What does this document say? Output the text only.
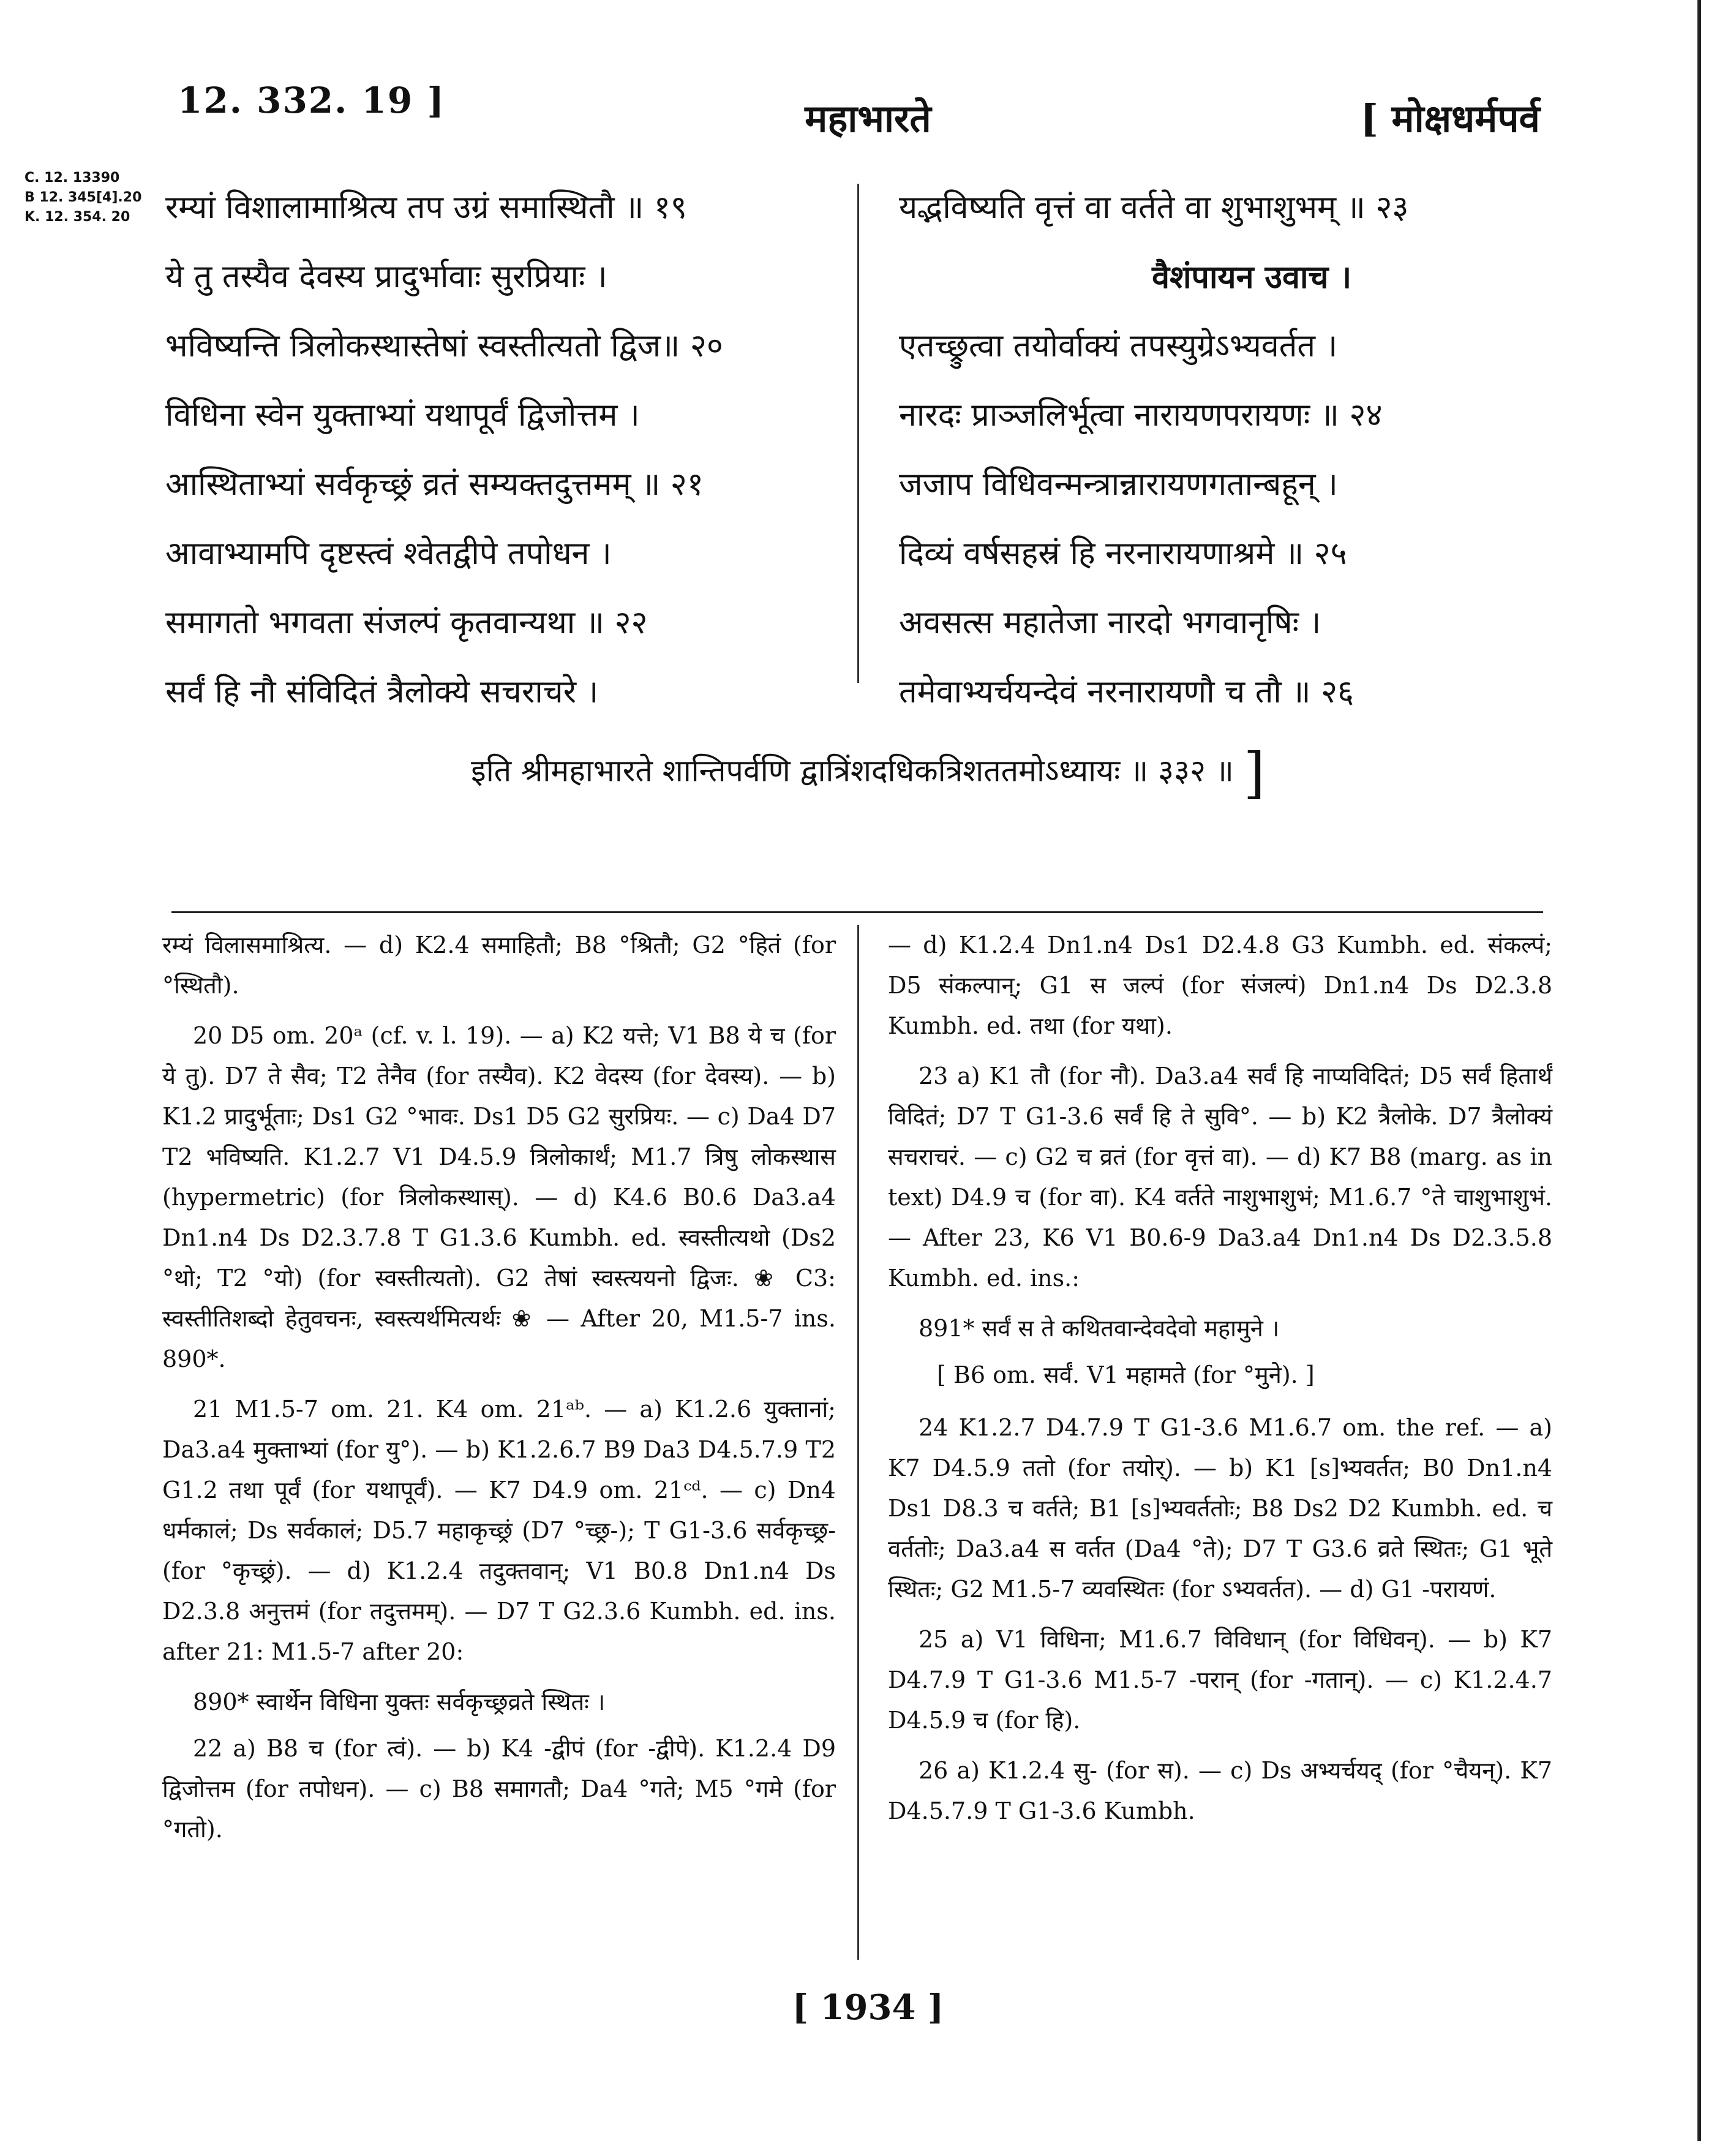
12. 332. 19 ]	महाभारते	[ मोक्षधर्मपर्व
C. 12. 13390
B 12. 345[4].20
K. 12. 354. 20	रम्यां विशालामाश्रित्य तप उग्रं समास्थितौ ॥ १९
ये तु तस्यैव देवस्य प्रादुर्भावाः सुरप्रियाः ।
भविष्यन्ति त्रिलोकस्थास्तेषां स्वस्तीत्यतो द्विज॥ २०
विधिना स्वेन युक्ताभ्यां यथापूर्वं द्विजोत्तम ।
आस्थिताभ्यां सर्वकृच्छ्रं व्रतं सम्यक्तदुत्तमम् ॥ २१
आवाभ्यामपि दृष्टस्त्वं श्वेतद्वीपे तपोधन ।
समागतो भगवता संजल्पं कृतवान्यथा ॥ २२
सर्वं हि नौ संविदितं त्रैलोक्ये सचराचरे ।
यद्भविष्यति वृत्तं वा वर्तते वा शुभाशुभम् ॥ २३
वैशंपायन उवाच ।
एतच्छ्रुत्वा तयोर्वाक्यं तपस्युग्रेऽभ्यवर्तत ।
नारदः प्राञ्जलिर्भूत्वा नारायणपरायणः ॥ २४
जजाप विधिवन्मन्त्रान्नारायणगतान्बहून् ।
दिव्यं वर्षसहस्रं हि नरनारायणाश्रमे ॥ २५
अवसत्स महातेजा नारदो भगवानृषिः ।
तमेवाभ्यर्चयन्देवं नरनारायणौ च तौ ॥ २६
इति श्रीमहाभारते शान्तिपर्वणि द्वात्रिंशदधिकत्रिशततमोऽध्यायः ॥ ३३२ ॥ ]

रम्यं विलासमाश्रित्य. — d) K2.4 समाहितौ; B8 °श्रितौ; G2 °हितं (for °स्थितौ).

20 D5 om. 20ᵃ (cf. v. l. 19). — a) K2 यत्ते; V1 B8 ये च (for ये तु). D7 ते सैव; T2 तेनैव (for तस्यैव). K2 वेदस्य (for देवस्य). — b) K1.2 प्रादुर्भूताः; Ds1 G2 °भावः. Ds1 D5 G2 सुरप्रियः. — c) Da4 D7 T2 भविष्यति. K1.2.7 V1 D4.5.9 त्रिलोकार्थं; M1.7 त्रिषु लोकस्थास (hypermetric) (for त्रिलोकस्थास्). — d) K4.6 B0.6 Da3.a4 Dn1.n4 Ds D2.3.7.8 T G1.3.6 Kumbh. ed. स्वस्तीत्यथो (Ds2 °थो; T2 °यो) (for स्वस्तीत्यतो). G2 तेषां स्वस्त्ययनो द्विजः. ❀ C3: स्वस्तीतिशब्दो हेतुवचनः, स्वस्त्यर्थमित्यर्थः ❀ — After 20, M1.5-7 ins. 890*.

21 M1.5-7 om. 21. K4 om. 21ᵃᵇ. — a) K1.2.6 युक्तानां; Da3.a4 मुक्ताभ्यां (for यु°). — b) K1.2.6.7 B9 Da3 D4.5.7.9 T2 G1.2 तथा पूर्वं (for यथापूर्वं). — K7 D4.9 om. 21ᶜᵈ. — c) Dn4 धर्मकालं; Ds सर्वकालं; D5.7 महाकृच्छ्रं (D7 °च्छ्र-); T G1-3.6 सर्वकृच्छ्र- (for °कृच्छ्रं). — d) K1.2.4 तदुक्तवान्; V1 B0.8 Dn1.n4 Ds D2.3.8 अनुत्तमं (for तदुत्तमम्). — D7 T G2.3.6 Kumbh. ed. ins. after 21: M1.5-7 after 20:

890* स्वार्थेन विधिना युक्तः सर्वकृच्छ्रव्रते स्थितः ।

22 a) B8 च (for त्वं). — b) K4 -द्वीपं (for -द्वीपे). K1.2.4 D9 द्विजोत्तम (for तपोधन). — c) B8 समागतौ; Da4 °गते; M5 °गमे (for °गतो).

— d) K1.2.4 Dn1.n4 Ds1 D2.4.8 G3 Kumbh. ed. संकल्पं; D5 संकल्पान्; G1 स जल्पं (for संजल्पं) Dn1.n4 Ds D2.3.8 Kumbh. ed. तथा (for यथा).

23 a) K1 तौ (for नौ). Da3.a4 सर्वं हि नाप्यविदितं; D5 सर्वं हितार्थं विदितं; D7 T G1-3.6 सर्वं हि ते सुवि°. — b) K2 त्रैलोके. D7 त्रैलोक्यं सचराचरं. — c) G2 च व्रतं (for वृत्तं वा). — d) K7 B8 (marg. as in text) D4.9 च (for वा). K4 वर्तते नाशुभाशुभं; M1.6.7 °ते चाशुभाशुभं. — After 23, K6 V1 B0.6-9 Da3.a4 Dn1.n4 Ds D2.3.5.8 Kumbh. ed. ins.:

891* सर्वं स ते कथितवान्देवदेवो महामुने ।

[ B6 om. सर्वं. V1 महामते (for °मुने). ]

24 K1.2.7 D4.7.9 T G1-3.6 M1.6.7 om. the ref. — a) K7 D4.5.9 ततो (for तयोर्). — b) K1 [s]भ्यवर्तत; B0 Dn1.n4 Ds1 D8.3 च वर्तते; B1 [s]भ्यवर्ततोः; B8 Ds2 D2 Kumbh. ed. च वर्ततोः; Da3.a4 स वर्तत (Da4 °ते); D7 T G3.6 व्रते स्थितः; G1 भूते स्थितः; G2 M1.5-7 व्यवस्थितः (for ऽभ्यवर्तत). — d) G1 -परायणं.

25 a) V1 विधिना; M1.6.7 विविधान् (for विधिवन्). — b) K7 D4.7.9 T G1-3.6 M1.5-7 -परान् (for -गतान्). — c) K1.2.4.7 D4.5.9 च (for हि).

26 a) K1.2.4 सु- (for स). — c) Ds अभ्यर्चयद् (for °चैयन्). K7 D4.5.7.9 T G1-3.6 Kumbh.

[ 1934 ]
